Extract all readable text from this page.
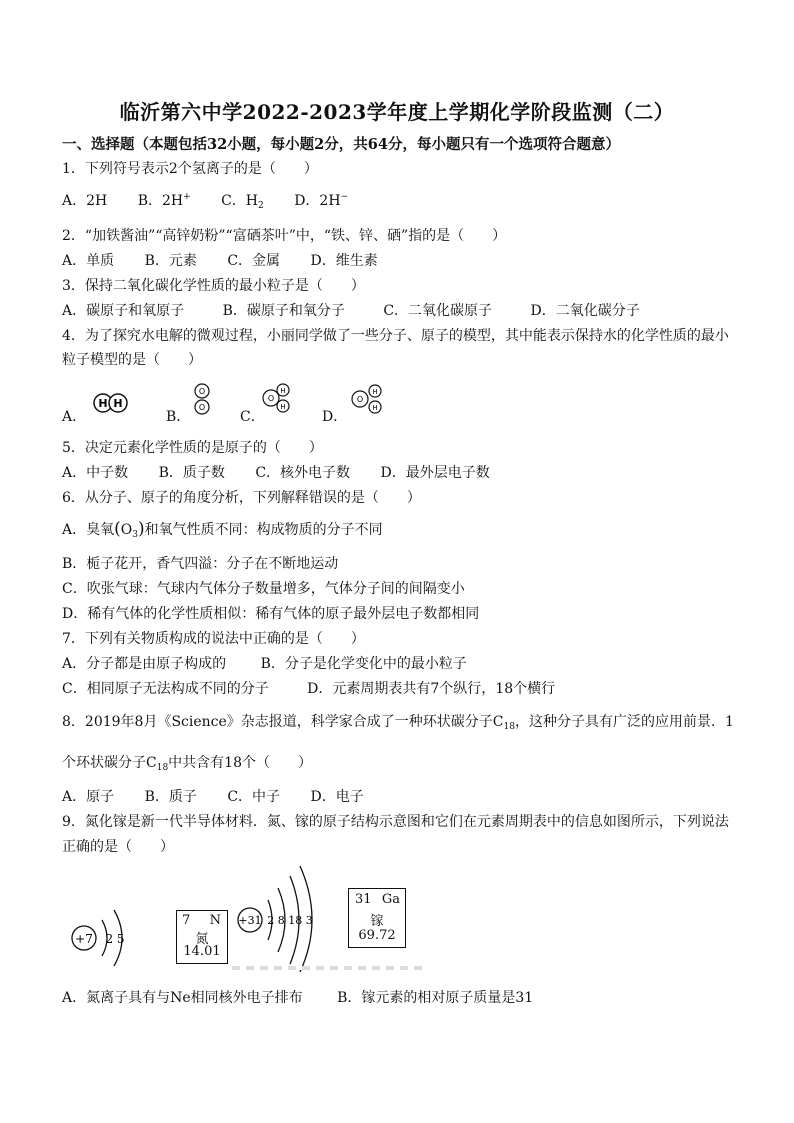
临沂第六中学2022-2023学年度上学期化学阶段监测（二）
一、选择题（本题包括32小题，每小题2分，共64分，每小题只有一个选项符合题意）
1．下列符号表示2个氢离子的是（　　）
A．2H B．2H+ C．$H_2$ D．2H−
2．“加铁酱油”“高锌奶粉”“富硒茶叶”中，“铁、锌、硒”指的是（　　）
A．单质 B．元素 C．金属 D．维生素
3．保持二氧化碳化学性质的最小粒子是（　　）
A．碳原子和氧原子	B．碳原子和氧分子	C．二氧化碳原子	D．二氧化碳分子
4．为了探究水电解的微观过程，小丽同学做了一些分子、原子的模型，其中能表示保持水的化学性质的最小
粒子模型的是（　　）
A．
H H
B．
O
O
C．
O
H
H
D．
O
H
H
5．决定元素化学性质的是原子的（　　）
A．中子数 B．质子数 C．核外电子数 D．最外层电子数
6．从分子、原子的角度分析，下列解释错误的是（　　）
A．臭氧$(O_3)$和氧气性质不同：构成物质的分子不同
B．栀子花开，香气四溢：分子在不断地运动
C．吹张气球：气球内气体分子数量增多，气体分子间的间隔变小
D．稀有气体的化学性质相似：稀有气体的原子最外层电子数都相同
7．下列有关物质构成的说法中正确的是（　　）
A．分子都是由原子构成的 B．分子是化学变化中的最小粒子
C．相同原子无法构成不同的分子	D．元素周期表共有7个纵行，18个横行
8．2019年8月《Science》杂志报道，科学家合成了一种环状碳分子$C_{18}$，这种分子具有广泛的应用前景．1
个环状碳分子$C_{18}$中共含有18个（　　）
A．原子 B．质子 C．中子 D．电子
9．氮化镓是新一代半导体材料．氮、镓的原子结构示意图和它们在元素周期表中的信息如图所示，下列说法
正确的是（　　）
+7 2 5
7 N
氮
14.01
+31 2 8 18 3
31 Ga
镓
69.72
A．氮离子具有与Ne相同核外电子排布 B．镓元素的相对原子质量是31
